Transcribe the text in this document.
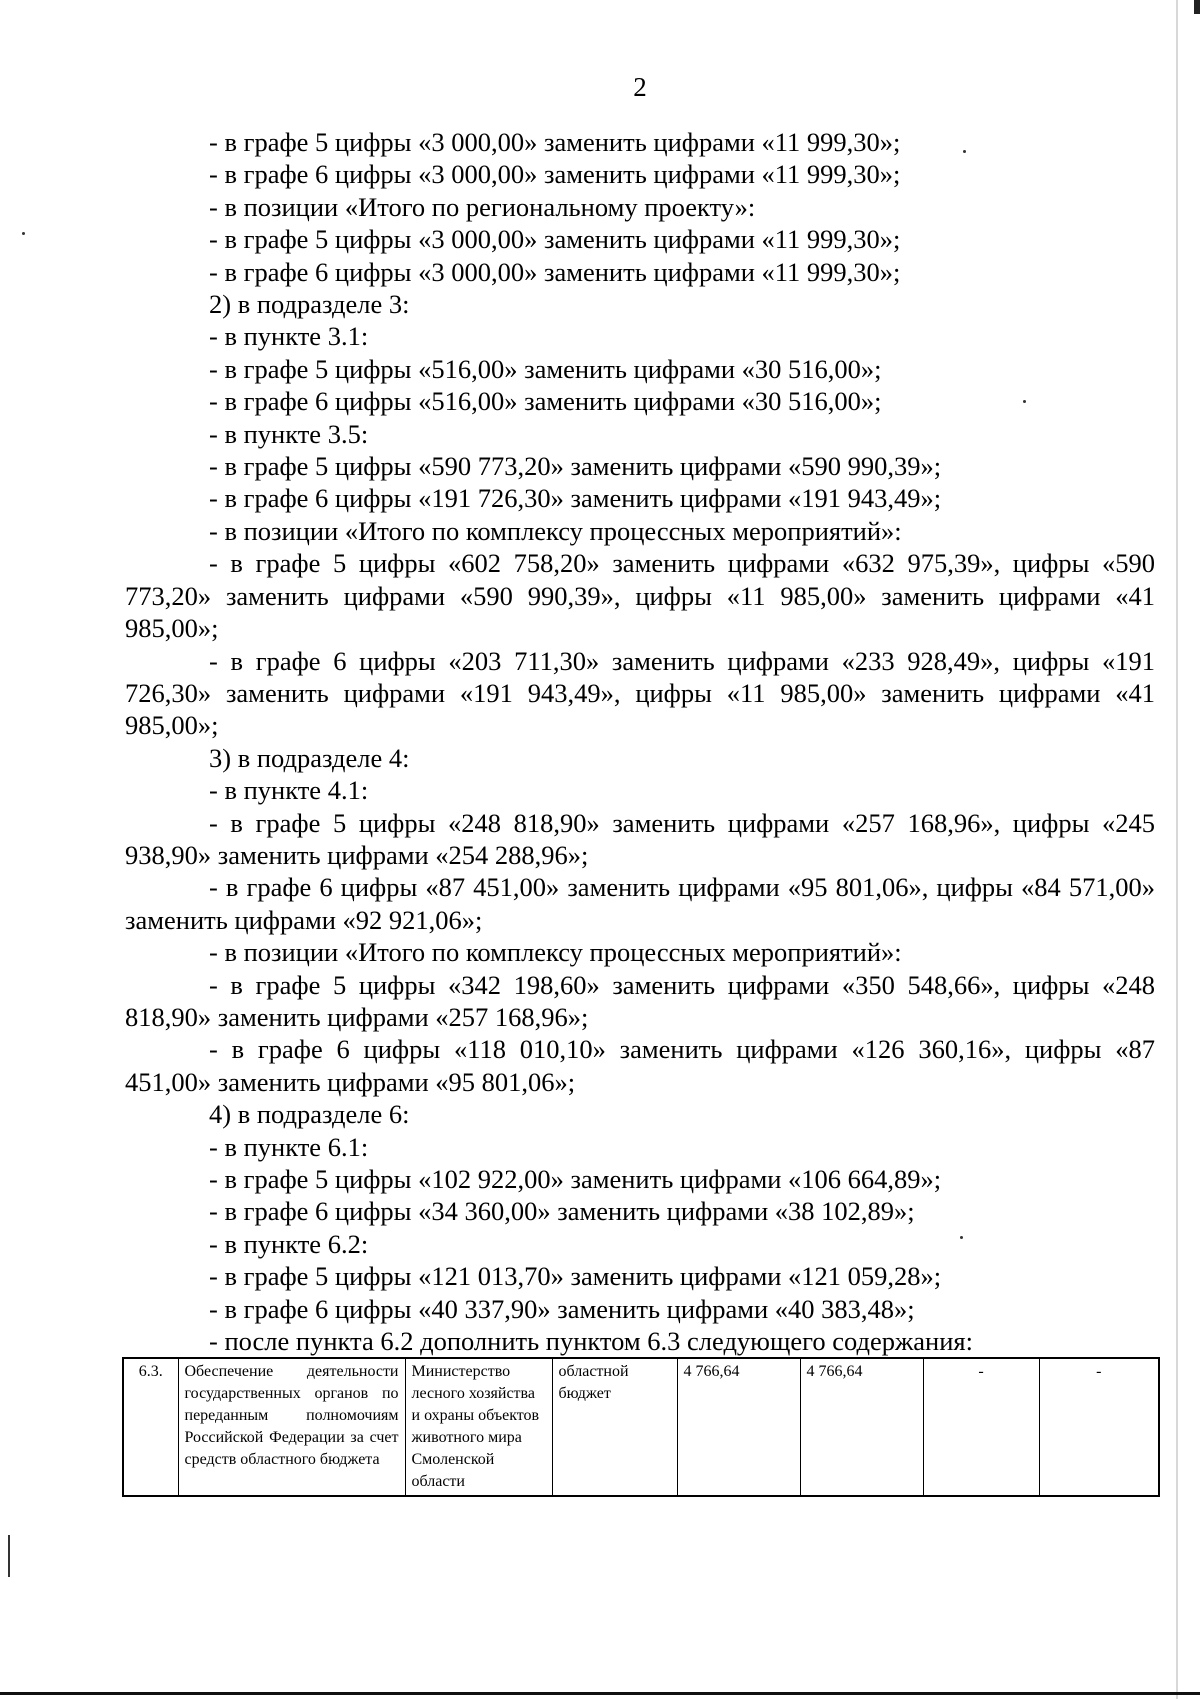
2
- в графе 5 цифры «3 000,00» заменить цифрами «11 999,30»;
- в графе 6 цифры «3 000,00» заменить цифрами «11 999,30»;
- в позиции «Итого по региональному проекту»:
- в графе 5 цифры «3 000,00» заменить цифрами «11 999,30»;
- в графе 6 цифры «3 000,00» заменить цифрами «11 999,30»;
2) в подразделе 3:
- в пункте 3.1:
- в графе 5 цифры «516,00» заменить цифрами «30 516,00»;
- в графе 6 цифры «516,00» заменить цифрами «30 516,00»;
- в пункте 3.5:
- в графе 5 цифры «590 773,20» заменить цифрами «590 990,39»;
- в графе 6 цифры «191 726,30» заменить цифрами «191 943,49»;
- в позиции «Итого по комплексу процессных мероприятий»:
- в графе 5 цифры «602 758,20» заменить цифрами «632 975,39», цифры «590 773,20» заменить цифрами «590 990,39», цифры «11 985,00» заменить цифрами «41 985,00»;
- в графе 6 цифры «203 711,30» заменить цифрами «233 928,49», цифры «191 726,30» заменить цифрами «191 943,49», цифры «11 985,00» заменить цифрами «41 985,00»;
3) в подразделе 4:
- в пункте 4.1:
- в графе 5 цифры «248 818,90» заменить цифрами «257 168,96», цифры «245 938,90» заменить цифрами «254 288,96»;
- в графе 6 цифры «87 451,00» заменить цифрами «95 801,06», цифры «84 571,00» заменить цифрами «92 921,06»;
- в позиции «Итого по комплексу процессных мероприятий»:
- в графе 5 цифры «342 198,60» заменить цифрами «350 548,66», цифры «248 818,90» заменить цифрами «257 168,96»;
- в графе 6 цифры «118 010,10» заменить цифрами «126 360,16», цифры «87 451,00» заменить цифрами «95 801,06»;
4) в подразделе 6:
- в пункте 6.1:
- в графе 5 цифры «102 922,00» заменить цифрами «106 664,89»;
- в графе 6 цифры «34 360,00» заменить цифрами «38 102,89»;
- в пункте 6.2:
- в графе 5 цифры «121 013,70» заменить цифрами «121 059,28»;
- в графе 6 цифры «40 337,90» заменить цифрами «40 383,48»;
- после пункта 6.2 дополнить пунктом 6.3 следующего содержания:
6.3.	Обеспечение деятельности государственных органов по переданным полномочиям Российской Федерации за счет средств областного бюджета	Министерство лесного хозяйства и охраны объектов животного мира Смоленской области	областной бюджет	4 766,64	4 766,64	-	-
